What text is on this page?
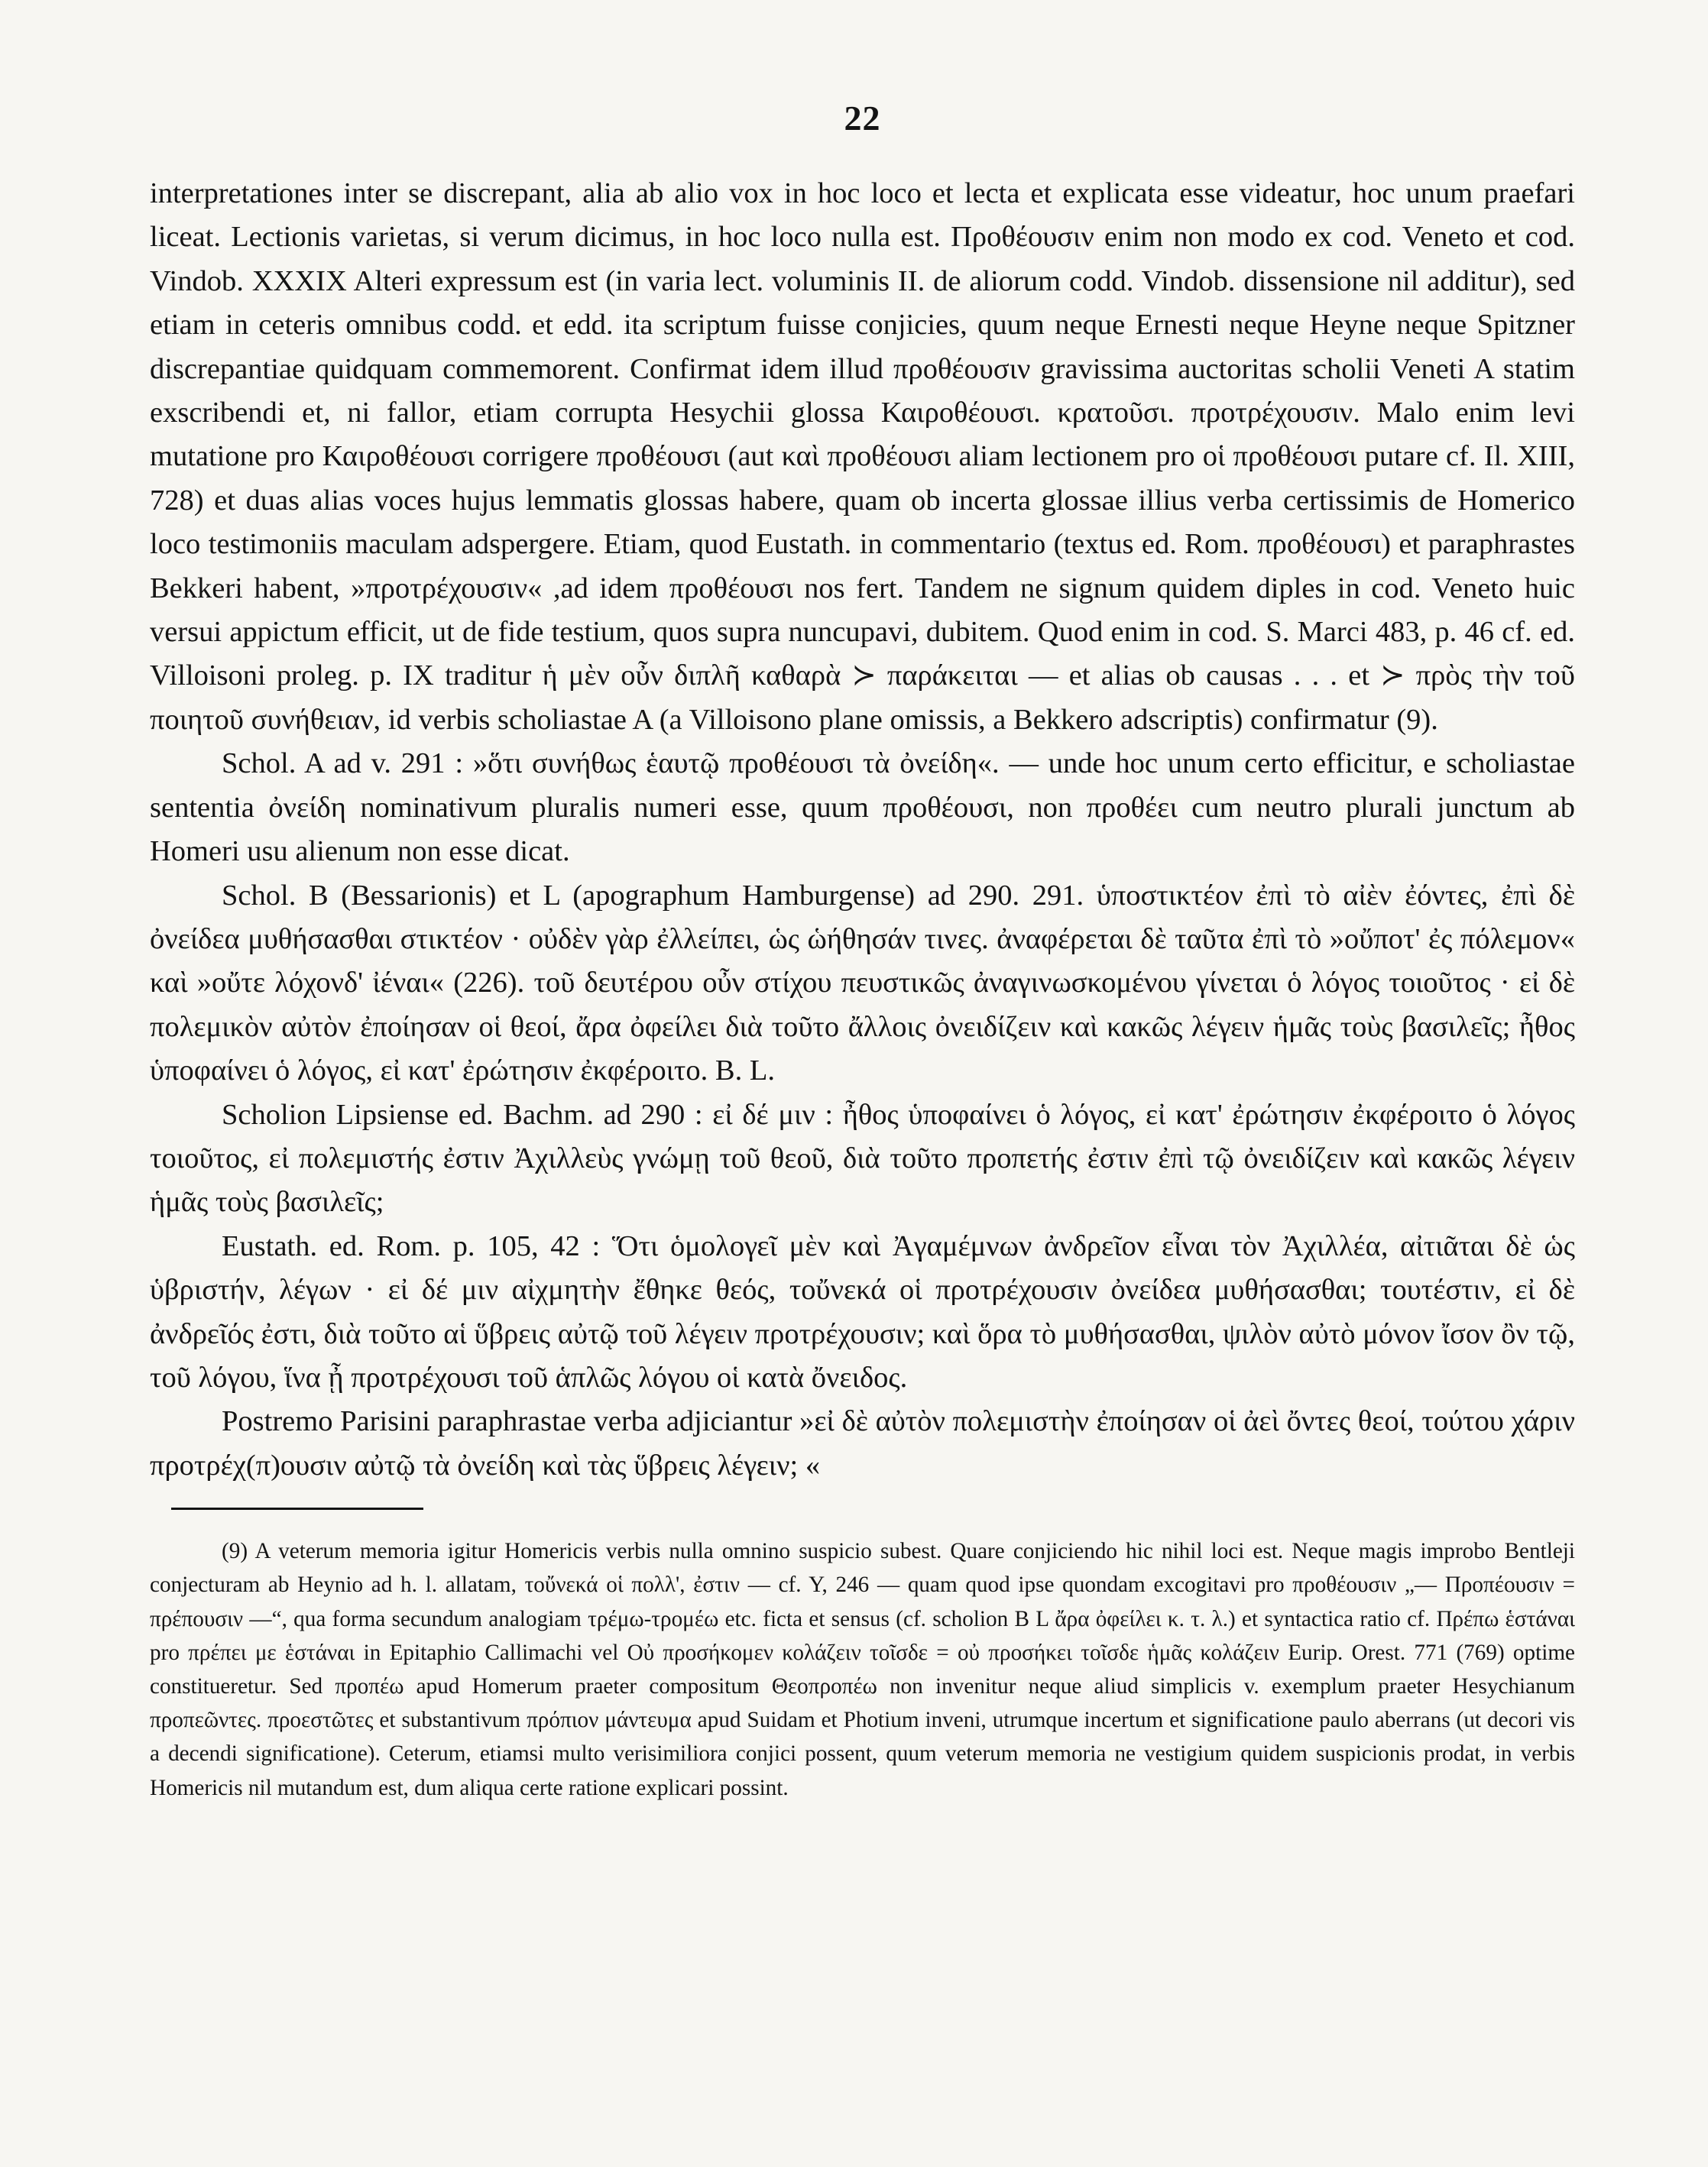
22

interpretationes inter se discrepant, alia ab alio vox in hoc loco et lecta et explicata esse videatur, hoc unum praefari liceat. Lectionis varietas, si verum dicimus, in hoc loco nulla est. Προθέουσιν enim non modo ex cod. Veneto et cod. Vindob. XXXIX Alteri expressum est (in varia lect. voluminis II. de aliorum codd. Vindob. dissensione nil additur), sed etiam in ceteris omnibus codd. et edd. ita scriptum fuisse conjicies, quum neque Ernesti neque Heyne neque Spitzner discrepantiae quidquam commemorent. Confirmat idem illud προθέουσιν gravissima auctoritas scholii Veneti A statim exscribendi et, ni fallor, etiam corrupta Hesychii glossa Καιροθέουσι. κρατοῦσι. προτρέχουσιν. Malo enim levi mutatione pro Καιροθέουσι corrigere προθέουσι (aut καὶ προθέουσι aliam lectionem pro οἱ προθέουσι putare cf. Il. XIII, 728) et duas alias voces hujus lemmatis glossas habere, quam ob incerta glossae illius verba certissimis de Homerico loco testimoniis maculam adspergere. Etiam, quod Eustath. in commentario (textus ed. Rom. προθέουσι) et paraphrastes Bekkeri habent, »προτρέχουσιν« ,ad idem προθέουσι nos fert. Tandem ne signum quidem diples in cod. Veneto huic versui appictum efficit, ut de fide testium, quos supra nuncupavi, dubitem. Quod enim in cod. S. Marci 483, p. 46 cf. ed. Villoisoni proleg. p. IX traditur ἡ μὲν οὖν διπλῆ καθαρὰ ≻ παράκειται — et alias ob causas . . . et ≻ πρὸς τὴν τοῦ ποιητοῦ συνήθειαν, id verbis scholiastae A (a Villoisono plane omissis, a Bekkero adscriptis) confirmatur (9).

Schol. A ad v. 291 : »ὅτι συνήθως ἑαυτῷ προθέουσι τὰ ὀνείδη«. — unde hoc unum certo efficitur, e scholiastae sententia ὀνείδη nominativum pluralis numeri esse, quum προθέουσι, non προθέει cum neutro plurali junctum ab Homeri usu alienum non esse dicat.

Schol. B (Bessarionis) et L (apographum Hamburgense) ad 290. 291. ὑποστικτέον ἐπὶ τὸ αἰὲν ἐόντες, ἐπὶ δὲ ὀνείδεα μυθήσασθαι στικτέον · οὐδὲν γὰρ ἐλλείπει, ὡς ὡήθησάν τινες. ἀναφέρεται δὲ ταῦτα ἐπὶ τὸ »οὔποτ' ἐς πόλεμον« καὶ »οὔτε λόχονδ' ἰέναι« (226). τοῦ δευτέρου οὖν στίχου πευστικῶς ἀναγινωσκομένου γίνεται ὁ λόγος τοιοῦτος · εἰ δὲ πολεμικὸν αὐτὸν ἐποίησαν οἱ θεοί, ἄρα ὀφείλει διὰ τοῦτο ἄλλοις ὀνειδίζειν καὶ κακῶς λέγειν ἡμᾶς τοὺς βασιλεῖς; ἦθος ὑποφαίνει ὁ λόγος, εἰ κατ' ἐρώτησιν ἐκφέροιτο. B. L.

Scholion Lipsiense ed. Bachm. ad 290 : εἰ δέ μιν : ἦθος ὑποφαίνει ὁ λόγος, εἰ κατ' ἐρώτησιν ἐκφέροιτο ὁ λόγος τοιοῦτος, εἰ πολεμιστής ἐστιν Ἀχιλλεὺς γνώμῃ τοῦ θεοῦ, διὰ τοῦτο προπετής ἐστιν ἐπὶ τῷ ὀνειδίζειν καὶ κακῶς λέγειν ἡμᾶς τοὺς βασιλεῖς;

Eustath. ed. Rom. p. 105, 42 : Ὅτι ὁμολογεῖ μὲν καὶ Ἀγαμέμνων ἀνδρεῖον εἶναι τὸν Ἀχιλλέα, αἰτιᾶται δὲ ὡς ὑβριστήν, λέγων · εἰ δέ μιν αἰχμητὴν ἔθηκε θεός, τοὔνεκά οἱ προτρέχουσιν ὀνείδεα μυθήσασθαι; τουτέστιν, εἰ δὲ ἀνδρεῖός ἐστι, διὰ τοῦτο αἱ ὕβρεις αὐτῷ τοῦ λέγειν προτρέχουσιν; καὶ ὅρα τὸ μυθήσασθαι, ψιλὸν αὐτὸ μόνον ἴσον ὂν τῷ, τοῦ λόγου, ἵνα ᾖ προτρέχουσι τοῦ ἁπλῶς λόγου οἱ κατὰ ὄνειδος.

Postremo Parisini paraphrastae verba adjiciantur »εἰ δὲ αὐτὸν πολεμιστὴν ἐποίησαν οἱ ἀεὶ ὄντες θεοί, τούτου χάριν προτρέχ(π)ουσιν αὐτῷ τὰ ὀνείδη καὶ τὰς ὕβρεις λέγειν; «

(9) A veterum memoria igitur Homericis verbis nulla omnino suspicio subest. Quare conjiciendo hic nihil loci est. Neque magis improbo Bentleji conjecturam ab Heynio ad h. l. allatam, τοὔνεκά οἱ πολλ', ἐστιν — cf. Y, 246 — quam quod ipse quondam excogitavi pro προθέουσιν „— Προπέουσιν = πρέπουσιν —“, qua forma secundum analogiam τρέμω-τρομέω etc. ficta et sensus (cf. scholion B L ἄρα ὀφείλει κ. τ. λ.) et syntactica ratio cf. Πρέπω ἑστάναι pro πρέπει με ἑστάναι in Epitaphio Callimachi vel Οὐ προσήκομεν κολάζειν τοῖσδε = οὐ προσήκει τοῖσδε ἡμᾶς κολάζειν Eurip. Orest. 771 (769) optime constitueretur. Sed προπέω apud Homerum praeter compositum Θεοπροπέω non invenitur neque aliud simplicis v. exemplum praeter Hesychianum προπεῶντες. προεστῶτες et substantivum πρόπιον μάντευμα apud Suidam et Photium inveni, utrumque incertum et significatione paulo aberrans (ut decori vis a decendi significatione). Ceterum, etiamsi multo verisimiliora conjici possent, quum veterum memoria ne vestigium quidem suspicionis prodat, in verbis Homericis nil mutandum est, dum aliqua certe ratione explicari possint.
